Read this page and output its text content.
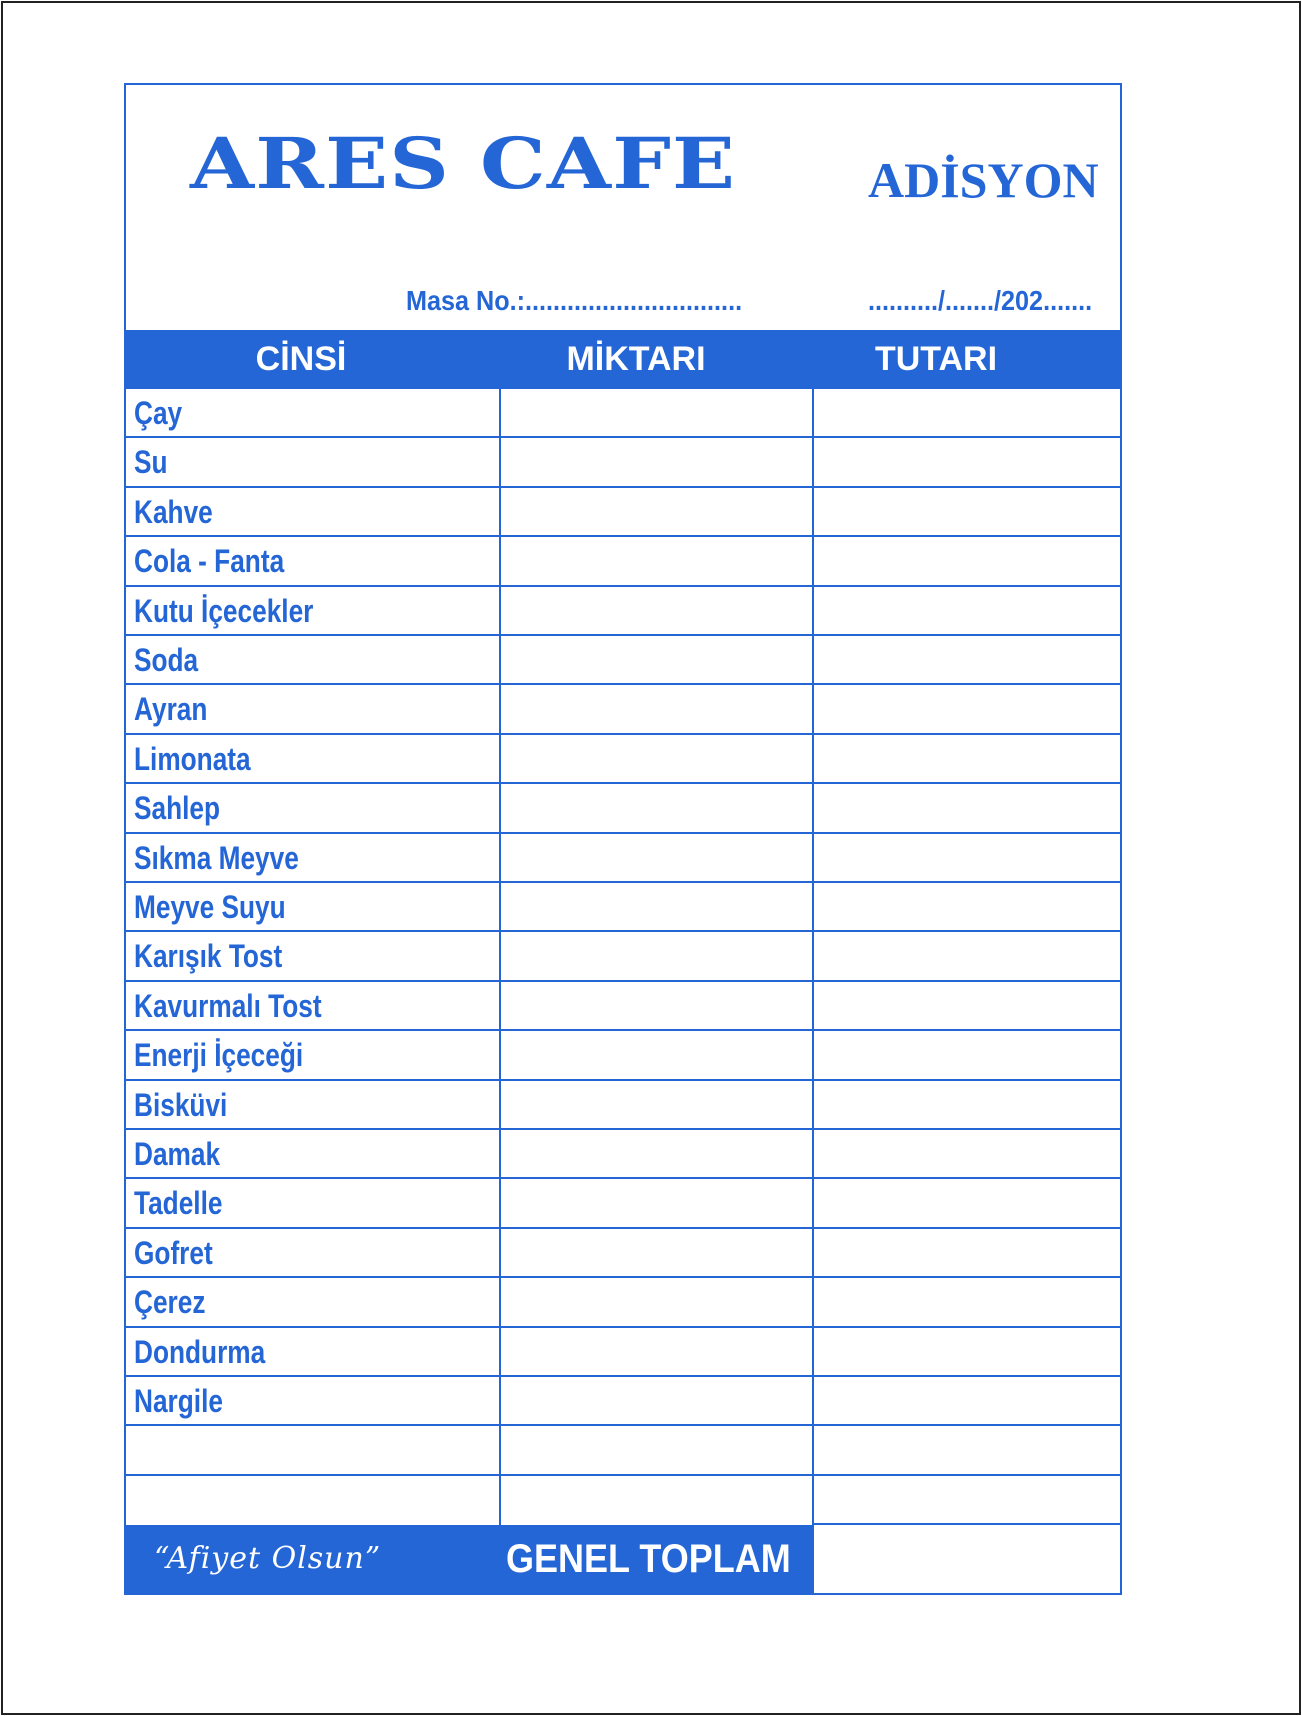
ARES CAFE	ADİSYON
Masa No.:...............................	........../......./202.......
CİNSİ	MİKTARI	TUTARI
Çay
Su
Kahve
Cola - Fanta
Kutu İçecekler
Soda
Ayran
Limonata
Sahlep
Sıkma Meyve
Meyve Suyu
Karışık Tost
Kavurmalı Tost
Enerji İçeceği
Bisküvi
Damak
Tadelle
Gofret
Çerez
Dondurma
Nargile
“Afiyet Olsun”	GENEL TOPLAM
